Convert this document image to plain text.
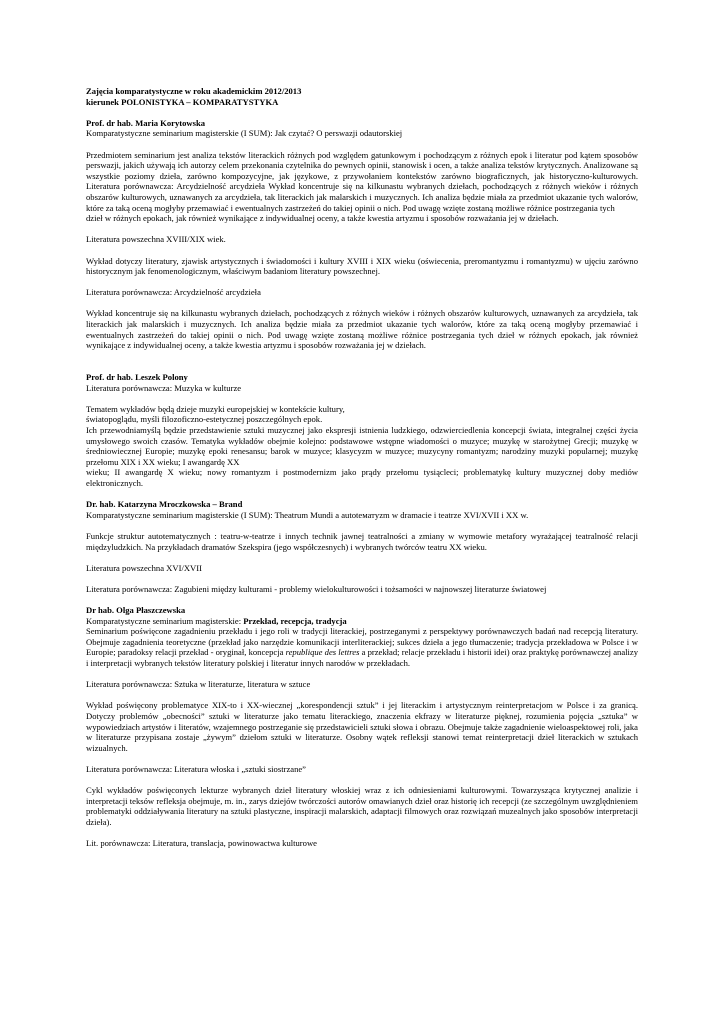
Zajęcia komparatystyczne w roku akademickim 2012/2013

kierunek POLONISTYKA – KOMPARATYSTYKA

Prof. dr hab. Maria Korytowska

Komparatystyczne seminarium magisterskie (I SUM): Jak czytać? O perswazji odautorskiej

Przedmiotem seminarium jest analiza tekstów literackich różnych pod względem gatunkowym i pochodzącym z różnych epok i literatur pod kątem sposobów perswazji, jakich używają ich autorzy celem przekonania czytelnika do pewnych opinii, stanowisk i ocen, a także analiza tekstów krytycznych. Analizowane są wszystkie poziomy dzieła, zarówno kompozycyjne, jak językowe, z przywołaniem kontekstów zarówno biograficznych, jak historyczno-kulturowych. Literatura porównawcza: Arcydzielność arcydzieła Wykład koncentruje się na kilkunastu wybranych dziełach, pochodzących z różnych wieków i różnych obszarów kulturowych, uznawanych za arcydzieła, tak literackich jak malarskich i muzycznych. Ich analiza będzie miała za przedmiot ukazanie tych walorów, które za taką oceną mogłyby przemawiać i ewentualnych zastrzeżeń do takiej opinii o nich. Pod uwagę wzięte zostaną możliwe różnice postrzegania tych

dzieł w różnych epokach, jak również wynikające z indywidualnej oceny, a także kwestia artyzmu i sposobów rozważania jej w dziełach.

Literatura powszechna XVIII/XIX wiek.

Wykład dotyczy literatury, zjawisk artystycznych i świadomości i kultury XVIII i XIX wieku (oświecenia, preromantyzmu i romantyzmu) w ujęciu zarówno historycznym jak fenomenologicznym, właściwym badaniom literatury powszechnej.

Literatura porównawcza: Arcydzielność arcydzieła

Wykład koncentruje się na kilkunastu wybranych dziełach, pochodzących z różnych wieków i różnych obszarów kulturowych, uznawanych za arcydzieła, tak literackich jak malarskich i muzycznych. Ich analiza będzie miała za przedmiot ukazanie tych walorów, które za taką oceną mogłyby przemawiać i ewentualnych zastrzeżeń do takiej opinii o nich. Pod uwagę wzięte zostaną możliwe różnice postrzegania tych dzieł w różnych epokach, jak również wynikające z indywidualnej oceny, a także kwestia artyzmu i sposobów rozważania jej w dziełach.

Prof. dr hab. Leszek Polony

Literatura porównawcza: Muzyka w kulturze

Tematem wykładów będą dzieje muzyki europejskiej w kontekście kultury,

światopoglądu, myśli filozoficzno-estetycznej poszczególnych epok.

Ich przewodniamyślą będzie przedstawienie sztuki muzycznej jako ekspresji istnienia ludzkiego, odzwierciedlenia koncepcji świata, integralnej części życia umysłowego swoich czasów. Tematyka wykładów obejmie kolejno: podstawowe wstępne wiadomości o muzyce; muzykę w starożytnej Grecji; muzykę w średniowiecznej Europie; muzykę epoki renesansu; barok w muzyce; klasycyzm w muzyce; muzycyny romantyzm; narodziny muzyki popularnej; muzykę przełomu XIX i XX wieku; I awangardę XX

wieku; II awangardę X wieku; nowy romantyzm i postmodernizm jako prądy przełomu tysiącleci; problematykę kultury muzycznej doby mediów elektronicznych.

Dr. hab. Katarzyna Mroczkowska – Brand

Komparatystyczne seminarium magisterskie (I SUM): Theatrum Mundi a autoteматyzm w dramacie i teatrze XVI/XVII i XX w.

Funkcje struktur autotematycznych : teatru-w-teatrze i innych technik jawnej teatralności a zmiany w wymowie metafory wyrażającej teatralność relacji międzyludzkich. Na przykładach dramatów Szekspira (jego współczesnych) i wybranych twórców teatru XX wieku.

Literatura powszechna XVI/XVII

Literatura porównawcza: Zagubieni między kulturami - problemy wielokulturowości i tożsamości w najnowszej literaturze światowej

Dr hab. Olga Płaszczewska

Komparatystyczne seminarium magisterskie: Przekład, recepcja, tradycja

Seminarium poświęcone zagadnieniu przekładu i jego roli w tradycji literackiej, postrzeganymi z perspektywy porównawczych badań nad recepcją literatury. Obejmuje zagadnienia teoretyczne (przekład jako narzędzie komunikacji interliterackiej; sukces dzieła a jego tłumaczenie; tradycja przekładowa w Polsce i w Europie; paradoksy relacji przekład - oryginał, koncepcja republique des lettres a przekład; relacje przekładu i historii idei) oraz praktykę porównawczej analizy i interpretacji wybranych tekstów literatury polskiej i literatur innych narodów w przekładach.

Literatura porównawcza: Sztuka w literaturze, literatura w sztuce

Wykład poświęcony problematyce XIX-to i XX-wiecznej „korespondencji sztuk” i jej literackim i artystycznym reinterpretacjom w Polsce i za granicą. Dotyczy problemów „obecności” sztuki w literaturze jako tematu literackiego, znaczenia ekfrazy w literaturze pięknej, rozumienia pojęcia „sztuka” w wypowiedziach artystów i literatów, wzajemnego postrzeganie się przedstawicieli sztuki słowa i obrazu. Obejmuje także zagadnienie wieloaspektowej roli, jaka w literaturze przypisana zostaje „żywym” dziełom sztuki w literaturze. Osobny wątek refleksji stanowi temat reinterpretacji dzieł literackich w sztukach wizualnych.

Literatura porównawcza: Literatura włoska i „sztuki siostrzane”

Cykl wykładów poświęconych lekturze wybranych dzieł literatury włoskiej wraz z ich odniesieniami kulturowymi. Towarzysząca krytycznej analizie i interpretacji teksów refleksja obejmuje, m. in., zarys dziejów twórczości autorów omawianych dzieł oraz historię ich recepcji (ze szczególnym uwzględnieniem problematyki oddziaływania literatury na sztuki plastyczne, inspiracji malarskich, adaptacji filmowych oraz rozwiązań muzealnych jako sposobów interpretacji dzieła).

Lit. porównawcza: Literatura, translacja, powinowactwa kulturowe
